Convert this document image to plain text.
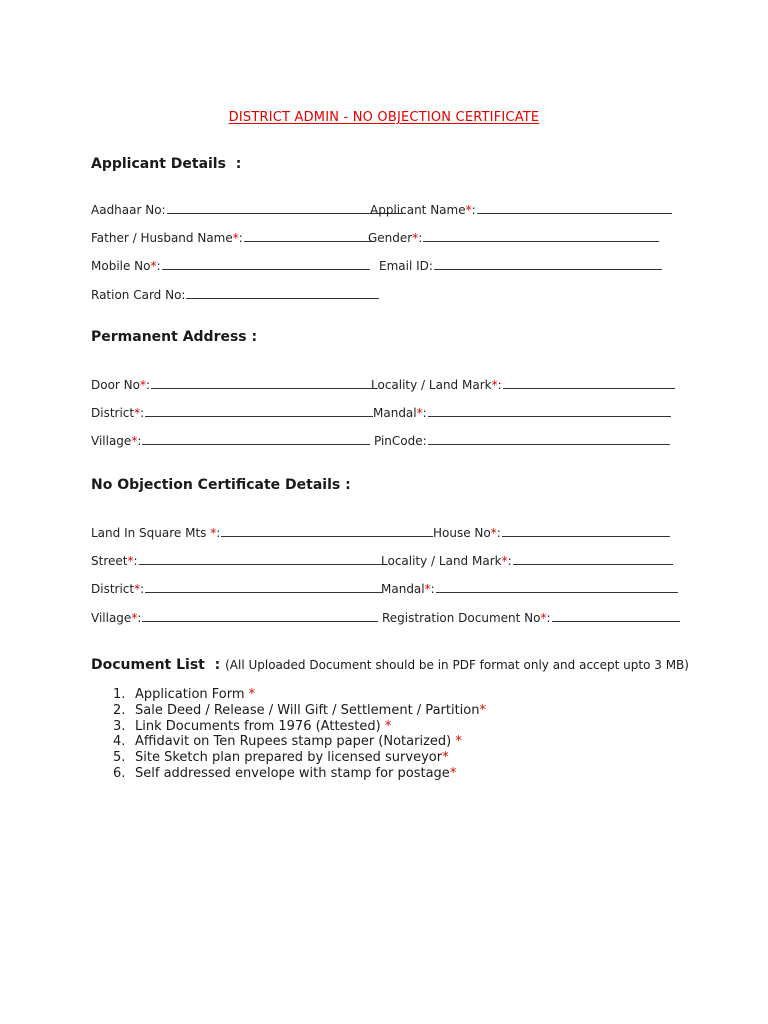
DISTRICT ADMIN - NO OBJECTION CERTIFICATE
Applicant Details :
Aadhaar No:	Applicant Name*:
Father / Husband Name*:	Gender*:
Mobile No*:	Email ID:
Ration Card No:
Permanent Address :
Door No*:	Locality / Land Mark*:
District*:	Mandal*:
Village*:	PinCode:
No Objection Certificate Details :
Land In Square Mts *:	House No*:
Street*:	Locality / Land Mark*:
District*:	Mandal*:
Village*:	Registration Document No*:
Document List : (All Uploaded Document should be in PDF format only and accept upto 3 MB)
1. Application Form *
2. Sale Deed / Release / Will Gift / Settlement / Partition*
3. Link Documents from 1976 (Attested) *
4. Affidavit on Ten Rupees stamp paper (Notarized) *
5. Site Sketch plan prepared by licensed surveyor*
6. Self addressed envelope with stamp for postage*
